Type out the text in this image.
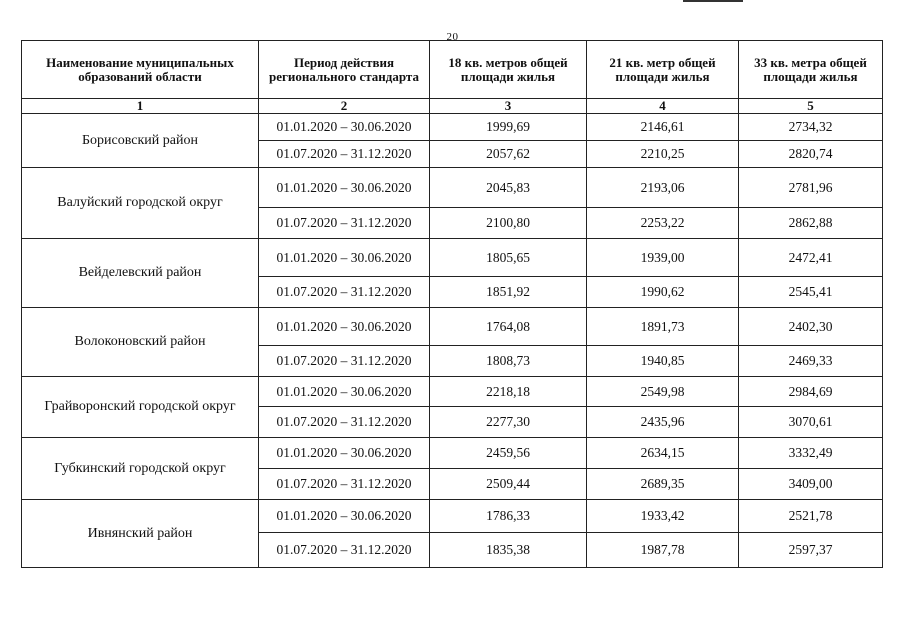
20
Наименование муниципальных образований области	Период действия регионального стандарта	18 кв. метров общей площади жилья	21 кв. метр общей площади жилья	33 кв. метра общей площади жилья
1	2	3	4	5
Борисовский район	01.01.2020 – 30.06.2020	1999,69	2146,61	2734,32
	01.07.2020 – 31.12.2020	2057,62	2210,25	2820,74
Валуйский городской округ	01.01.2020 – 30.06.2020	2045,83	2193,06	2781,96
	01.07.2020 – 31.12.2020	2100,80	2253,22	2862,88
Вейделевский район	01.01.2020 – 30.06.2020	1805,65	1939,00	2472,41
	01.07.2020 – 31.12.2020	1851,92	1990,62	2545,41
Волоконовский район	01.01.2020 – 30.06.2020	1764,08	1891,73	2402,30
	01.07.2020 – 31.12.2020	1808,73	1940,85	2469,33
Грайворонский городской округ	01.01.2020 – 30.06.2020	2218,18	2549,98	2984,69
	01.07.2020 – 31.12.2020	2277,30	2435,96	3070,61
Губкинский городской округ	01.01.2020 – 30.06.2020	2459,56	2634,15	3332,49
	01.07.2020 – 31.12.2020	2509,44	2689,35	3409,00
Ивнянский район	01.01.2020 – 30.06.2020	1786,33	1933,42	2521,78
	01.07.2020 – 31.12.2020	1835,38	1987,78	2597,37
